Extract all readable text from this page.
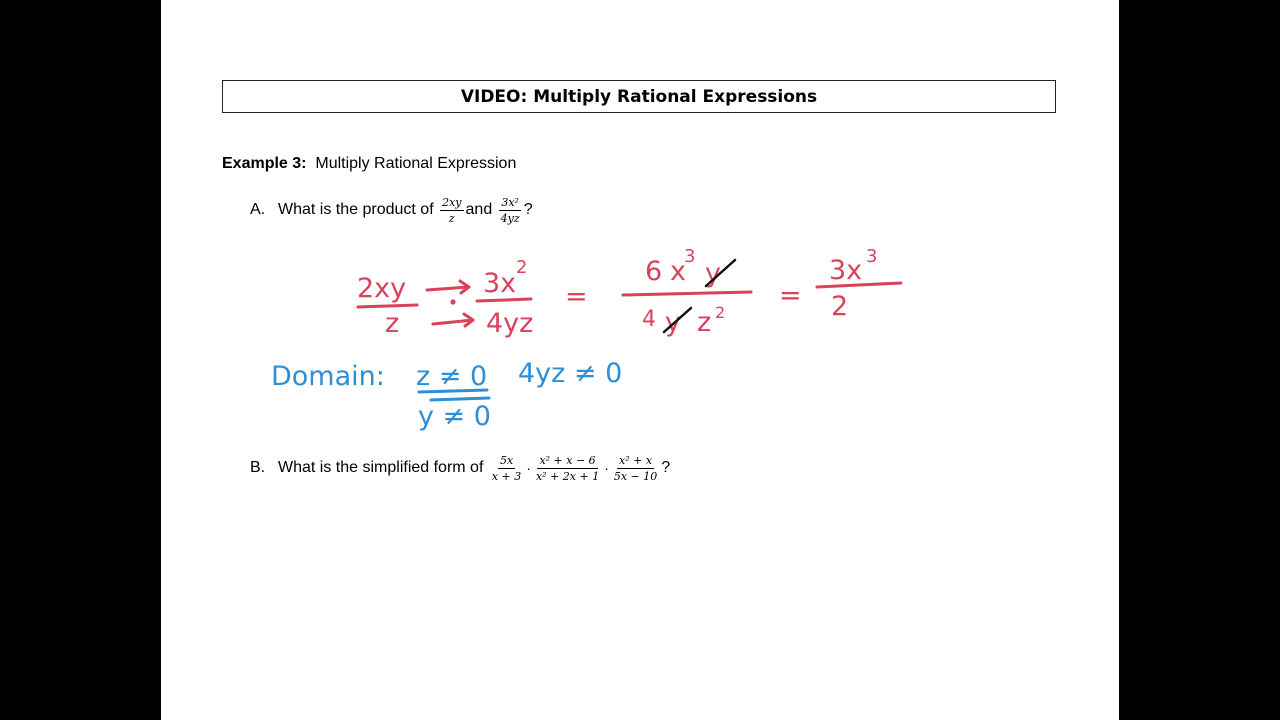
VIDEO: Multiply Rational Expressions
Example 3: Multiply Rational Expression
A. What is the product of
$\frac{2xy}{z}$ and
$\frac{\text{3x²}}{4yz}$ ?
B. What is the simplified form of
$\frac{5x}{x + 3} \cdot \frac{\text{x² + x − 6}}{\text{x² + 2x + 1}} \cdot \frac{\text{x² + x}}{5x - 10}$ ?
2xy
z
3x
2
4yz
=
6 x
3
y
4 y z 2
=
3x 3
2
Domain: z ≠ 0 4yz ≠ 0
y ≠ 0
